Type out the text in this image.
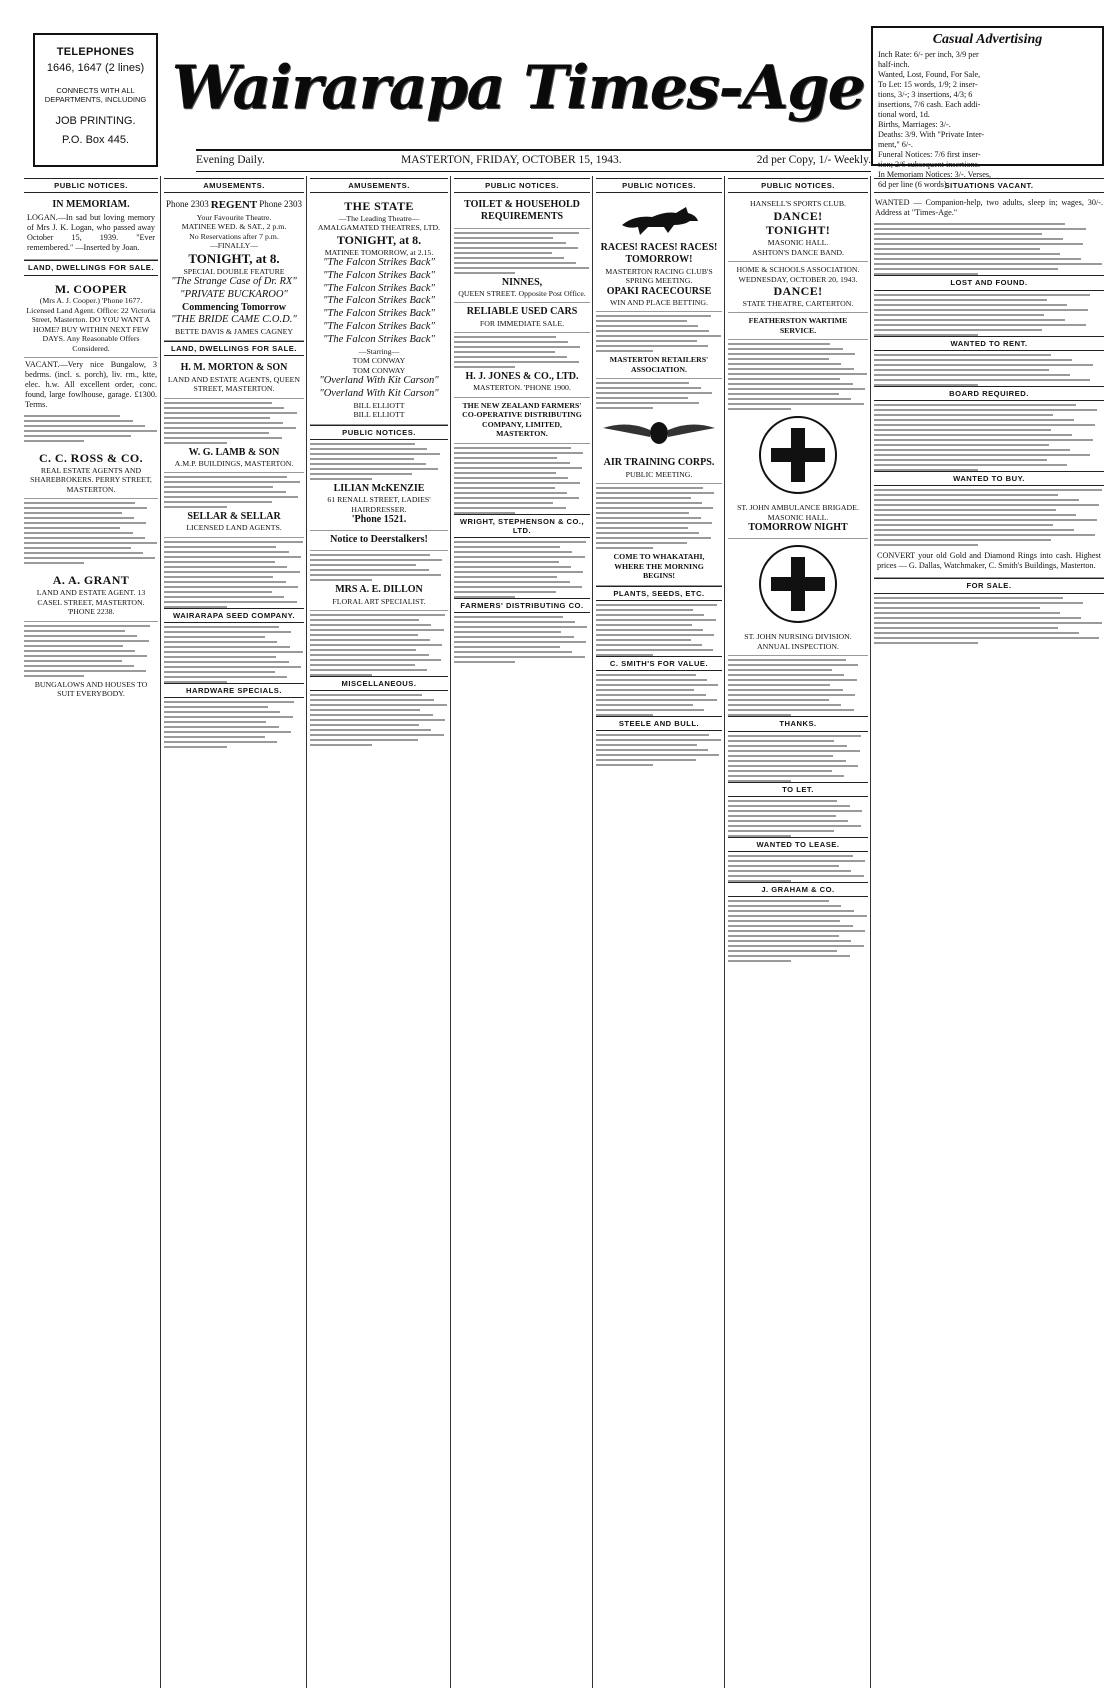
TELEPHONES
1646, 1647 (2 lines)
CONNECTS WITH ALL DEPARTMENTS, INCLUDING
JOB PRINTING.
P.O. Box 445.
Wairarapa Times-Age
Evening Daily.	MASTERTON, FRIDAY, OCTOBER 15, 1943.	2d per Copy, 1/- Weekly.
Casual Advertising
Inch Rate: 6/- per inch, 3/9 per
half-inch.
Wanted, Lost, Found, For Sale,
To Let: 15 words, 1/9; 2 inser-
tions, 3/-; 3 insertions, 4/3; 6
insertions, 7/6 cash. Each addi-
tional word, 1d.
Births, Marriages: 3/-.
Deaths: 3/9. With "Private Inter-
ment," 6/-.
Funeral Notices: 7/6 first inser-
tion; 2/6 subsequent insertions.
In Memoriam Notices: 3/-. Verses,
6d per line (6 words)
PUBLIC NOTICES.
IN MEMORIAM.
LOGAN.—In sad but loving memory of Mrs J. K. Logan, who passed away October 15, 1939. "Ever remembered." —Inserted by Joan.
LAND, DWELLINGS FOR SALE.
M. COOPER
(Mrs A. J. Cooper.) 'Phone 1677.
Licensed Land Agent. Office: 22 Victoria Street, Masterton. DO YOU WANT A HOME? BUY WITHIN NEXT FEW DAYS. Any Reasonable Offers Considered.
VACANT.—Very nice Bungalow, 3 bedrms. (incl. s. porch), liv. rm., ktte, elec. h.w. All excellent order, conc. found, large fowlhouse, garage. £1300. Terms.
C. C. ROSS & CO.
REAL ESTATE AGENTS AND SHAREBROKERS. PERRY STREET, MASTERTON.
A. A. GRANT
LAND AND ESTATE AGENT. 13 CASEL STREET, MASTERTON. 'PHONE 2238.
BUNGALOWS AND HOUSES TO SUIT EVERYBODY.
AMUSEMENTS.
Phone 2303 REGENT Phone 2303
Your Favourite Theatre.
MATINEE WED. & SAT., 2 p.m.
No Reservations after 7 p.m.
—FINALLY—
TONIGHT, at 8.
SPECIAL DOUBLE FEATURE
"The Strange Case of Dr. RX"
"PRIVATE BUCKAROO"
Commencing Tomorrow
"THE BRIDE CAME C.O.D."
BETTE DAVIS & JAMES CAGNEY
LAND, DWELLINGS FOR SALE.
H. M. MORTON & SON
LAND AND ESTATE AGENTS, QUEEN STREET, MASTERTON.
W. G. LAMB & SON
A.M.P. BUILDINGS, MASTERTON.
SELLAR & SELLAR
LICENSED LAND AGENTS.
WAIRARAPA SEED COMPANY.
HARDWARE SPECIALS.
AMUSEMENTS.
THE STATE
—The Leading Theatre—
AMALGAMATED THEATRES, LTD.
TONIGHT, at 8.
MATINEE TOMORROW, at 2.15.
"The Falcon Strikes Back"
"The Falcon Strikes Back"
"The Falcon Strikes Back"
"The Falcon Strikes Back"
"The Falcon Strikes Back"
"The Falcon Strikes Back"
"The Falcon Strikes Back"
—Starring—
TOM CONWAY
TOM CONWAY
"Overland With Kit Carson"
"Overland With Kit Carson"
BILL ELLIOTT
BILL ELLIOTT
PUBLIC NOTICES.
LILIAN McKENZIE
61 RENALL STREET, LADIES' HAIRDRESSER.
'Phone 1521.
Notice to Deerstalkers!
MRS A. E. DILLON
FLORAL ART SPECIALIST.
MISCELLANEOUS.
PUBLIC NOTICES.
TOILET & HOUSEHOLD REQUIREMENTS
NINNES,
QUEEN STREET. Opposite Post Office.
RELIABLE USED CARS
FOR IMMEDIATE SALE.
H. J. JONES & CO., LTD.
MASTERTON. 'PHONE 1900.
THE NEW ZEALAND FARMERS' CO-OPERATIVE DISTRIBUTING COMPANY, LIMITED, MASTERTON.
WRIGHT, STEPHENSON & CO., LTD.
FARMERS' DISTRIBUTING CO.
PUBLIC NOTICES.
RACES! RACES! RACES!
TOMORROW!
MASTERTON RACING CLUB'S SPRING MEETING.
OPAKI RACECOURSE
WIN AND PLACE BETTING.
MASTERTON RETAILERS' ASSOCIATION.
AIR TRAINING CORPS.
PUBLIC MEETING.
COME TO WHAKATAHI, WHERE THE MORNING BEGINS!
PLANTS, SEEDS, ETC.
C. SMITH'S FOR VALUE.
STEELE AND BULL.
PUBLIC NOTICES.
HANSELL'S SPORTS CLUB.
DANCE!
TONIGHT!
MASONIC HALL.
ASHTON'S DANCE BAND.
HOME & SCHOOLS ASSOCIATION.
WEDNESDAY, OCTOBER 20, 1943.
DANCE!
STATE THEATRE, CARTERTON.
FEATHERSTON WARTIME SERVICE.
ST. JOHN AMBULANCE BRIGADE. MASONIC HALL.
TOMORROW NIGHT
ST. JOHN NURSING DIVISION.
ANNUAL INSPECTION.
THANKS.
TO LET.
WANTED TO LEASE.
J. GRAHAM & CO.
SITUATIONS VACANT.
WANTED — Companion-help, two adults, sleep in; wages, 30/-. Address at "Times-Age."
LOST AND FOUND.
WANTED TO RENT.
BOARD REQUIRED.
WANTED TO BUY.
CONVERT your old Gold and Diamond Rings into cash. Highest prices — G. Dallas, Watchmaker, C. Smith's Buildings, Masterton.
FOR SALE.
